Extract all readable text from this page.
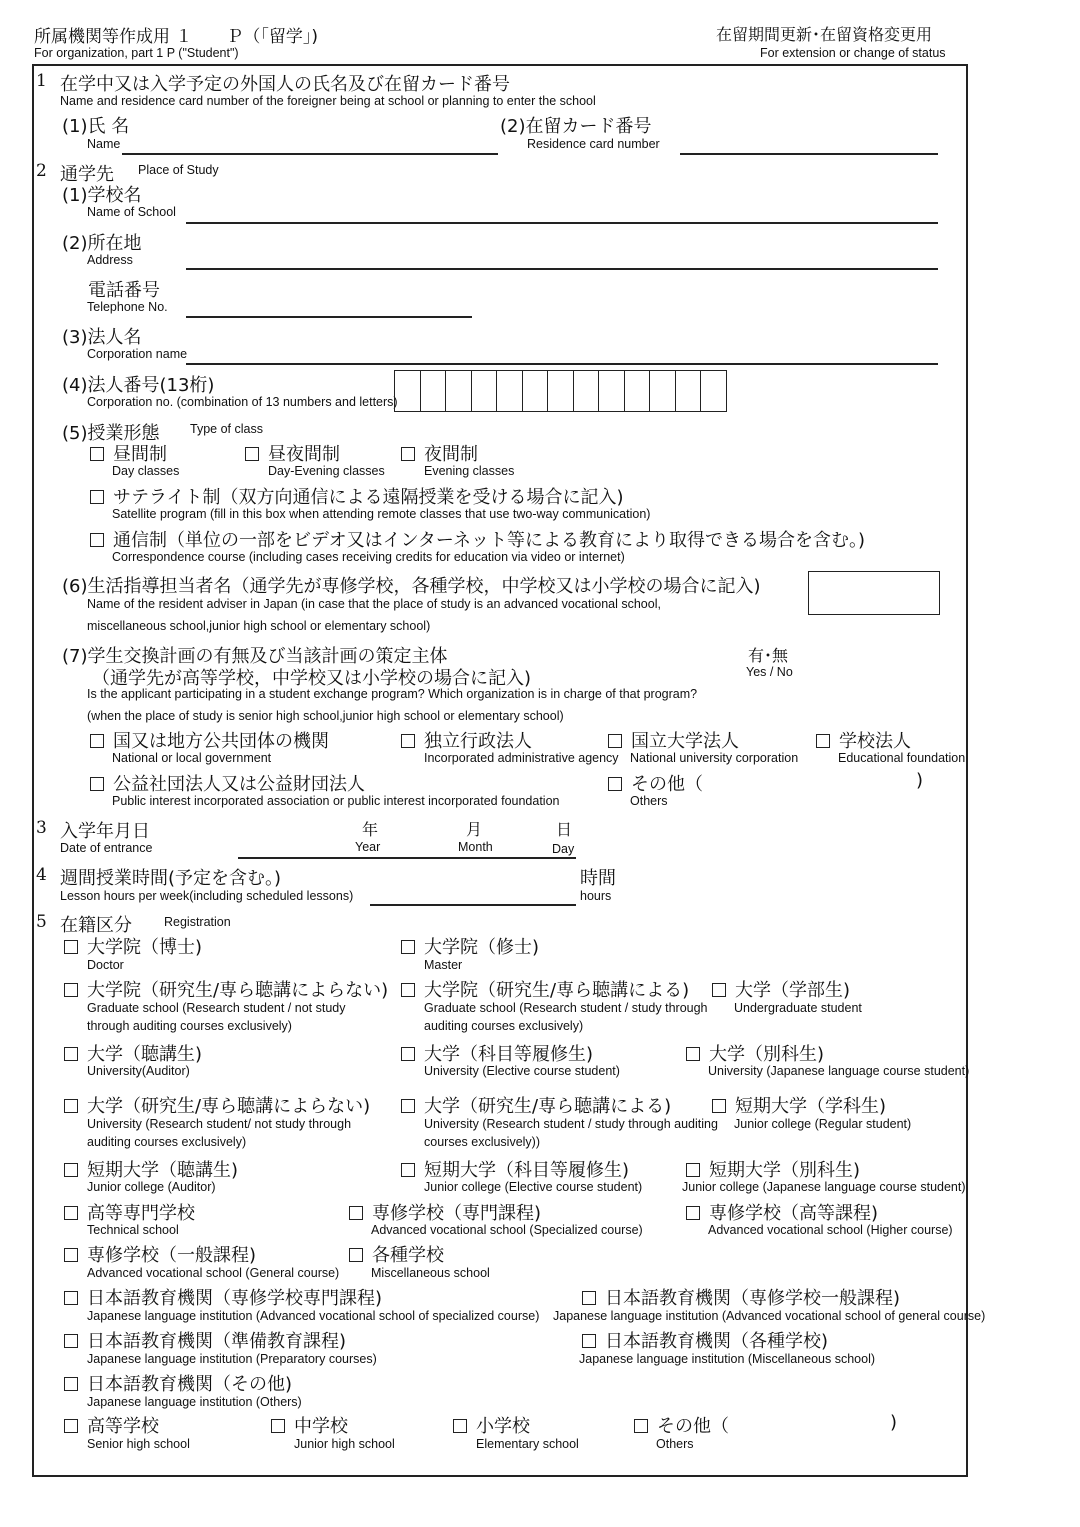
所属機関等作成用 １　　Ｐ（「留学」)
For organization, part 1 P ("Student")
在留期間更新･在留資格変更用
For extension or change of status
1 在学中又は入学予定の外国人の氏名及び在留カード番号
Name and residence card number of the foreigner being at school or planning to enter the school
(1)氏 名
Name
(2)在留カード番号
Residence card number
2 通学先 Place of Study
(1)学校名
Name of School
(2)所在地
Address
電話番号
Telephone No.
(3)法人名
Corporation name
(4)法人番号(13桁)
Corporation no. (combination of 13 numbers and letters)
(5)授業形態 Type of class
昼間制
Day classes
昼夜間制
Day-Evening classes
夜間制
Evening classes
サテライト制（双方向通信による遠隔授業を受ける場合に記入)
Satellite program (fill in this box when attending remote classes that use two-way communication)
通信制（単位の一部をビデオ又はインターネット等による教育により取得できる場合を含む。)
Correspondence course (including cases receiving credits for education via video or internet)
(6)生活指導担当者名（通学先が専修学校，各種学校，中学校又は小学校の場合に記入)
Name of the resident adviser in Japan (in case that the place of study is an advanced vocational school,
miscellaneous school,junior high school or elementary school)
(7)学生交換計画の有無及び当該計画の策定主体
（通学先が高等学校，中学校又は小学校の場合に記入)
有･無
Yes / No
Is the applicant participating in a student exchange program? Which organization is in charge of that program?
(when the place of study is senior high school,junior high school or elementary school)
国又は地方公共団体の機関
National or local government
独立行政法人
Incorporated administrative agency
国立大学法人
National university corporation
学校法人
Educational foundation
公益社団法人又は公益財団法人
Public interest incorporated association or public interest incorporated foundation
その他（	)
Others
3 入学年月日
Date of entrance
年
Year
月
Month
日
Day
4 週間授業時間(予定を含む。)
Lesson hours per week(including scheduled lessons)
時間
hours
5 在籍区分	Registration
大学院（博士)
Doctor
大学院（修士)
Master
大学院（研究生/専ら聴講によらない)
Graduate school (Research student / not study
through auditing courses exclusively)
大学院（研究生/専ら聴講による)
Graduate school (Research student / study through
auditing courses exclusively)
大学（学部生)
Undergraduate student
大学（聴講生)
University(Auditor)
大学（科目等履修生)
University (Elective course student)
大学（別科生)
University (Japanese language course student)
大学（研究生/専ら聴講によらない)
University (Research student/ not study through
auditing courses exclusively)
大学（研究生/専ら聴講による)
University (Research student / study through auditing
courses exclusively))
短期大学（学科生)
Junior college (Regular student)
短期大学（聴講生)
Junior college (Auditor)
短期大学（科目等履修生)
Junior college (Elective course student)
短期大学（別科生)
Junior college (Japanese language course student)
高等専門学校
Technical school
専修学校（専門課程)
Advanced vocational school (Specialized course)
専修学校（高等課程)
Advanced vocational school (Higher course)
専修学校（一般課程)
Advanced vocational school (General course)
各種学校
Miscellaneous school
日本語教育機関（専修学校専門課程)
Japanese language institution (Advanced vocational school of specialized course)
日本語教育機関（専修学校一般課程)
Japanese language institution (Advanced vocational school of general course)
日本語教育機関（準備教育課程)
Japanese language institution (Preparatory courses)
日本語教育機関（各種学校)
Japanese language institution (Miscellaneous school)
日本語教育機関（その他)
Japanese language institution (Others)
高等学校
Senior high school
中学校
Junior high school
小学校
Elementary school
その他（	)
Others
